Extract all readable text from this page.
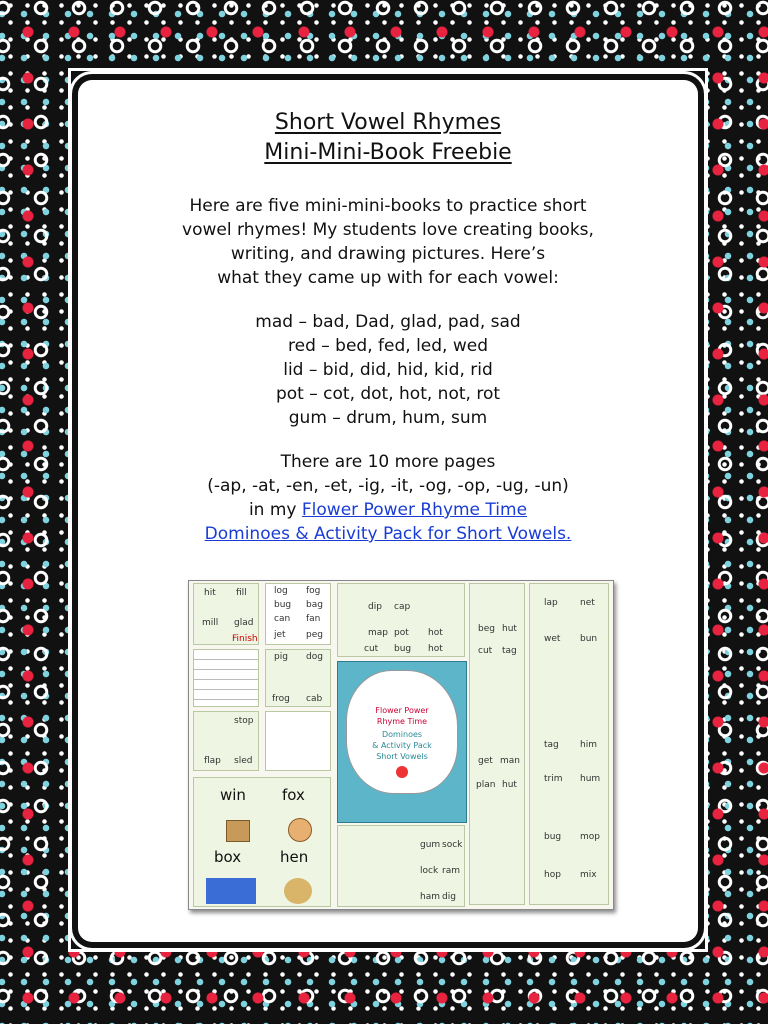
Short Vowel Rhymes
Mini-Mini-Book Freebie
Here are five mini-mini-books to practice short
vowel rhymes! My students love creating books,
writing, and drawing pictures. Here’s
what they came up with for each vowel:
mad – bad, Dad, glad, pad, sad
red – bed, fed, led, wed
lid – bid, did, hid, kid, rid
pot – cot, dot, hot, not, rot
gum – drum, hum, sum
There are 10 more pages
(-ap, -at, -en, -et, -ig, -it, -og, -op, -ug, -un)
in my Flower Power Rhyme Time
Dominoes & Activity Pack for Short Vowels.
hit fill
mill glad
Finish
log fog
bug bag
can fan
jet peg
pig dog
frog cab
stop
flap sled
win fox
box	hen
dip cap
map pot hot
cut bug hot
Flower Power
Rhyme Time
Dominoes
& Activity Pack
Short Vowels
gum sock
lock ram
ham dig
beg hut
cut tag
get man
plan hut
lap net
wet bun
tag him
trim hum
bug mop
hop mix
